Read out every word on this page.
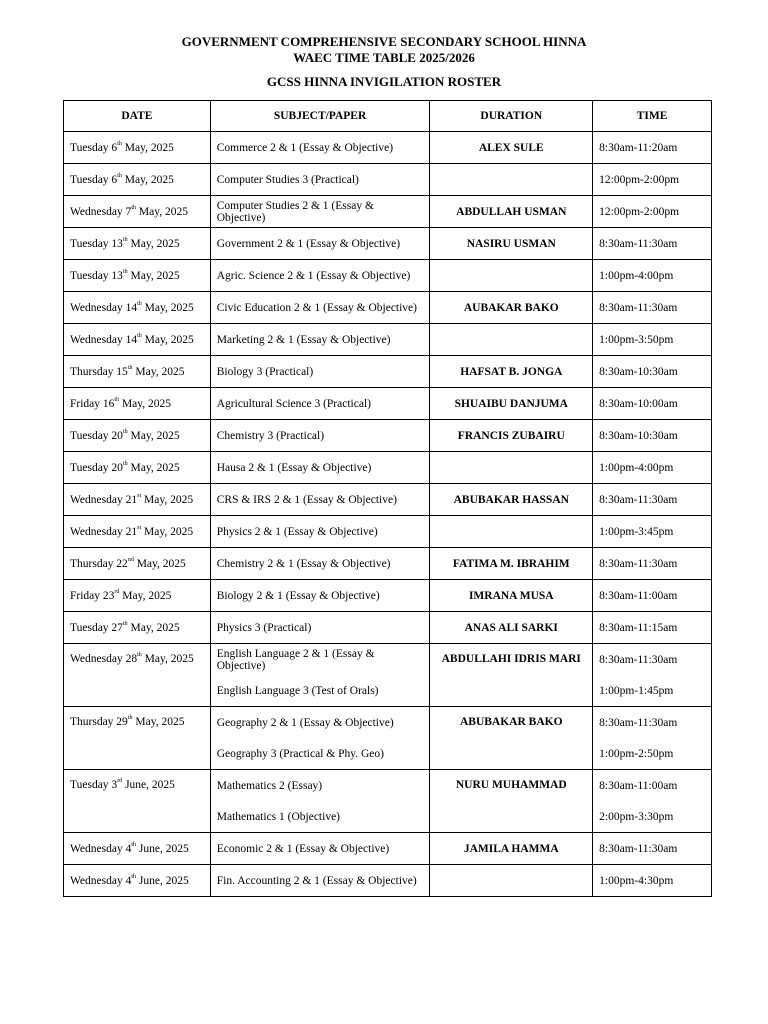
GOVERNMENT COMPREHENSIVE SECONDARY SCHOOL HINNA
WAEC TIME TABLE 2025/2026
GCSS HINNA INVIGILATION ROSTER
DATE	SUBJECT/PAPER	DURATION	TIME
Tuesday 6th May, 2025	Commerce 2 & 1 (Essay & Objective)	ALEX SULE	8:30am-11:20am
Tuesday 6th May, 2025	Computer Studies 3 (Practical)		12:00pm-2:00pm
Wednesday 7th May, 2025	Computer Studies 2 & 1 (Essay & Objective)	ABDULLAH USMAN	12:00pm-2:00pm
Tuesday 13th May, 2025	Government 2 & 1 (Essay & Objective)	NASIRU USMAN	8:30am-11:30am
Tuesday 13th May, 2025	Agric. Science 2 & 1 (Essay & Objective)		1:00pm-4:00pm
Wednesday 14th May, 2025	Civic Education 2 & 1 (Essay & Objective)	AUBAKAR BAKO	8:30am-11:30am
Wednesday 14th May, 2025	Marketing 2 & 1 (Essay & Objective)		1:00pm-3:50pm
Thursday 15th May, 2025	Biology 3 (Practical)	HAFSAT B. JONGA	8:30am-10:30am
Friday 16th May, 2025	Agricultural Science 3 (Practical)	SHUAIBU DANJUMA	8:30am-10:00am
Tuesday 20th May, 2025	Chemistry 3 (Practical)	FRANCIS ZUBAIRU	8:30am-10:30am
Tuesday 20th May, 2025	Hausa 2 & 1 (Essay & Objective)		1:00pm-4:00pm
Wednesday 21st May, 2025	CRS & IRS 2 & 1 (Essay & Objective)	ABUBAKAR HASSAN	8:30am-11:30am
Wednesday 21st May, 2025	Physics 2 & 1 (Essay & Objective)		1:00pm-3:45pm
Thursday 22nd May, 2025	Chemistry 2 & 1 (Essay & Objective)	FATIMA M. IBRAHIM	8:30am-11:30am
Friday 23rd May, 2025	Biology 2 & 1 (Essay & Objective)	IMRANA MUSA	8:30am-11:00am
Tuesday 27th May, 2025	Physics 3 (Practical)	ANAS ALI SARKI	8:30am-11:15am
Wednesday 28th May, 2025	English Language 2 & 1 (Essay & Objective)	ABDULLAHI IDRIS MARI	8:30am-11:30am
	English Language 3 (Test of Orals)		1:00pm-1:45pm
Thursday 29th May, 2025	Geography 2 & 1 (Essay & Objective)	ABUBAKAR BAKO	8:30am-11:30am
	Geography 3 (Practical & Phy. Geo)		1:00pm-2:50pm
Tuesday 3rd June, 2025	Mathematics 2 (Essay)	NURU MUHAMMAD	8:30am-11:00am
	Mathematics 1 (Objective)		2:00pm-3:30pm
Wednesday 4th June, 2025	Economic 2 & 1 (Essay & Objective)	JAMILA HAMMA	8:30am-11:30am
Wednesday 4th June, 2025	Fin. Accounting 2 & 1 (Essay & Objective)		1:00pm-4:30pm
